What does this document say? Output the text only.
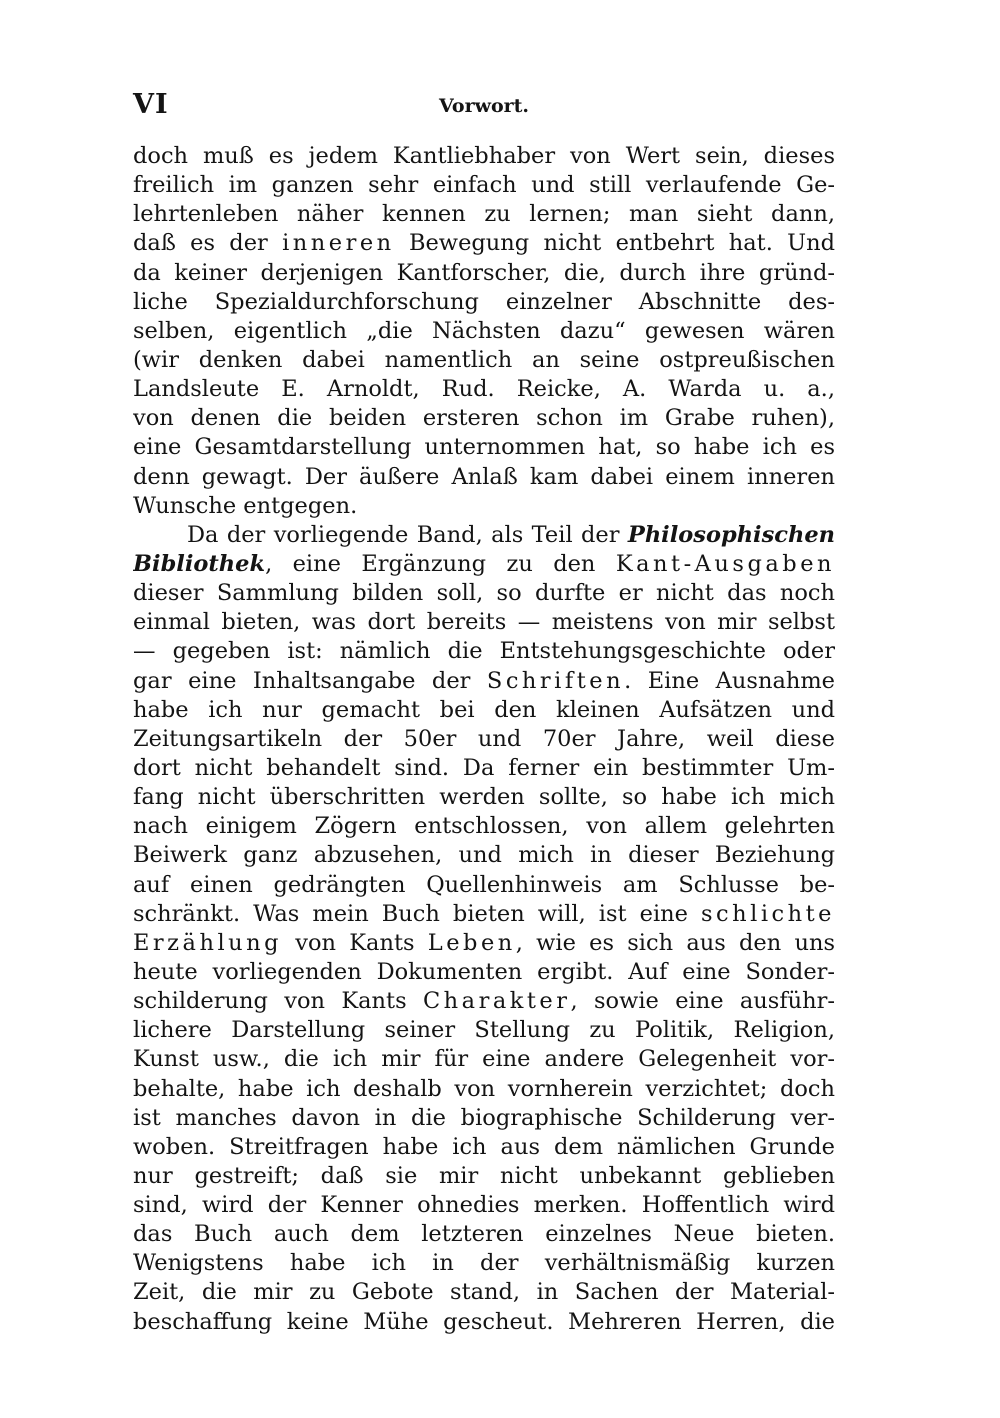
VI	Vorwort.
doch muß es jedem Kantliebhaber von Wert sein, dieses
freilich im ganzen sehr einfach und still verlaufende Ge-
lehrtenleben näher kennen zu lernen; man sieht dann,
daß es der inneren Bewegung nicht entbehrt hat. Und
da keiner derjenigen Kantforscher, die, durch ihre gründ-
liche Spezialdurchforschung einzelner Abschnitte des-
selben, eigentlich „die Nächsten dazu“ gewesen wären
(wir denken dabei namentlich an seine ostpreußischen
Landsleute E. Arnoldt, Rud. Reicke, A. Warda u. a.,
von denen die beiden ersteren schon im Grabe ruhen),
eine Gesamtdarstellung unternommen hat, so habe ich es
denn gewagt. Der äußere Anlaß kam dabei einem inneren
Wunsche entgegen.
Da der vorliegende Band, als Teil der Philosophischen
Bibliothek, eine Ergänzung zu den Kant-Ausgaben
dieser Sammlung bilden soll, so durfte er nicht das noch
einmal bieten, was dort bereits — meistens von mir selbst
— gegeben ist: nämlich die Entstehungsgeschichte oder
gar eine Inhaltsangabe der Schriften. Eine Ausnahme
habe ich nur gemacht bei den kleinen Aufsätzen und
Zeitungsartikeln der 50er und 70er Jahre, weil diese
dort nicht behandelt sind. Da ferner ein bestimmter Um-
fang nicht überschritten werden sollte, so habe ich mich
nach einigem Zögern entschlossen, von allem gelehrten
Beiwerk ganz abzusehen, und mich in dieser Beziehung
auf einen gedrängten Quellenhinweis am Schlusse be-
schränkt. Was mein Buch bieten will, ist eine schlichte
Erzählung von Kants Leben, wie es sich aus den uns
heute vorliegenden Dokumenten ergibt. Auf eine Sonder-
schilderung von Kants Charakter, sowie eine ausführ-
lichere Darstellung seiner Stellung zu Politik, Religion,
Kunst usw., die ich mir für eine andere Gelegenheit vor-
behalte, habe ich deshalb von vornherein verzichtet; doch
ist manches davon in die biographische Schilderung ver-
woben. Streitfragen habe ich aus dem nämlichen Grunde
nur gestreift; daß sie mir nicht unbekannt geblieben
sind, wird der Kenner ohnedies merken. Hoffentlich wird
das Buch auch dem letzteren einzelnes Neue bieten.
Wenigstens habe ich in der verhältnismäßig kurzen
Zeit, die mir zu Gebote stand, in Sachen der Material-
beschaffung keine Mühe gescheut. Mehreren Herren, die
